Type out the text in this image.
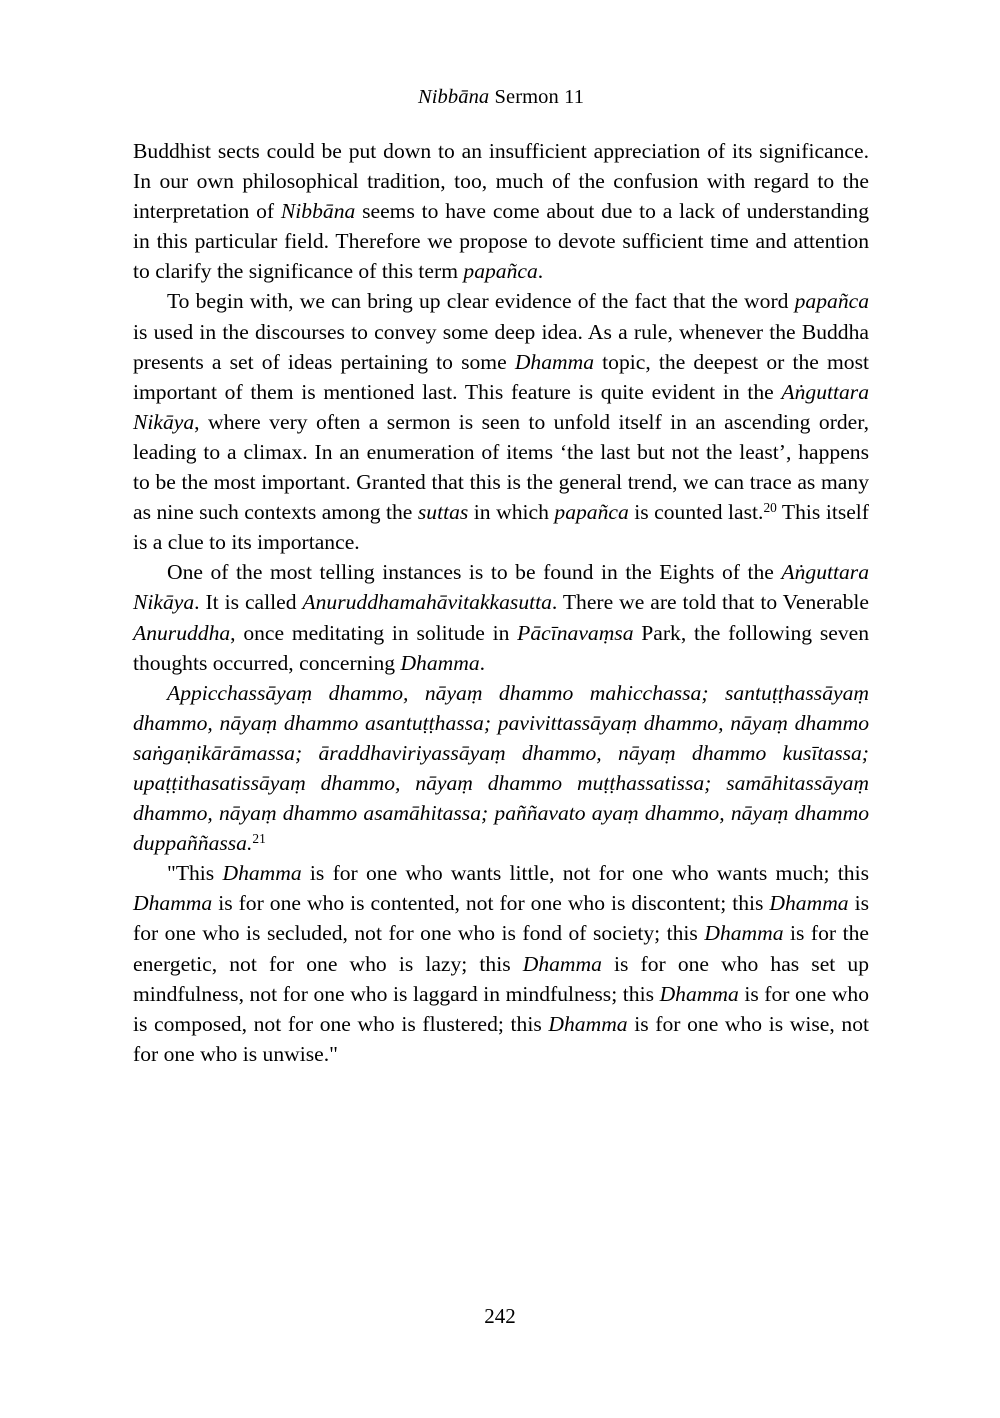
Nibbāna Sermon 11

Buddhist sects could be put down to an insufficient appreciation of its significance. In our own philosophical tradition, too, much of the confusion with regard to the interpretation of Nibbāna seems to have come about due to a lack of understanding in this particular field. Therefore we propose to devote sufficient time and attention to clarify the significance of this term papañca.

To begin with, we can bring up clear evidence of the fact that the word papañca is used in the discourses to convey some deep idea. As a rule, whenever the Buddha presents a set of ideas pertaining to some Dhamma topic, the deepest or the most important of them is mentioned last. This feature is quite evident in the Aṅguttara Nikāya, where very often a sermon is seen to unfold itself in an ascending order, leading to a climax. In an enumeration of items ‘the last but not the least’, happens to be the most important. Granted that this is the general trend, we can trace as many as nine such contexts among the suttas in which papañca is counted last.$^{20}$ This itself is a clue to its importance.

One of the most telling instances is to be found in the Eights of the Aṅguttara Nikāya. It is called Anuruddhamahāvitakkasutta. There we are told that to Venerable Anuruddha, once meditating in solitude in Pācīnavaṃsa Park, the following seven thoughts occurred, concerning Dhamma.

Appicchassāyaṃ dhammo, nāyaṃ dhammo mahicchassa; santuṭṭhassāyaṃ dhammo, nāyaṃ dhammo asantuṭṭhassa; pavivittassāyaṃ dhammo, nāyaṃ dhammo saṅgaṇikārāmassa; āraddhaviriyassāyaṃ dhammo, nāyaṃ dhammo kusītassa; upaṭṭithasatissāyaṃ dhammo, nāyaṃ dhammo muṭṭhassatissa; samāhitassāyaṃ dhammo, nāyaṃ dhammo asamāhitassa; paññavato ayaṃ dhammo, nāyaṃ dhammo duppaññassa.$^{21}$

"This Dhamma is for one who wants little, not for one who wants much; this Dhamma is for one who is contented, not for one who is discontent; this Dhamma is for one who is secluded, not for one who is fond of society; this Dhamma is for the energetic, not for one who is lazy; this Dhamma is for one who has set up mindfulness, not for one who is laggard in mindfulness; this Dhamma is for one who is composed, not for one who is flustered; this Dhamma is for one who is wise, not for one who is unwise."

242
